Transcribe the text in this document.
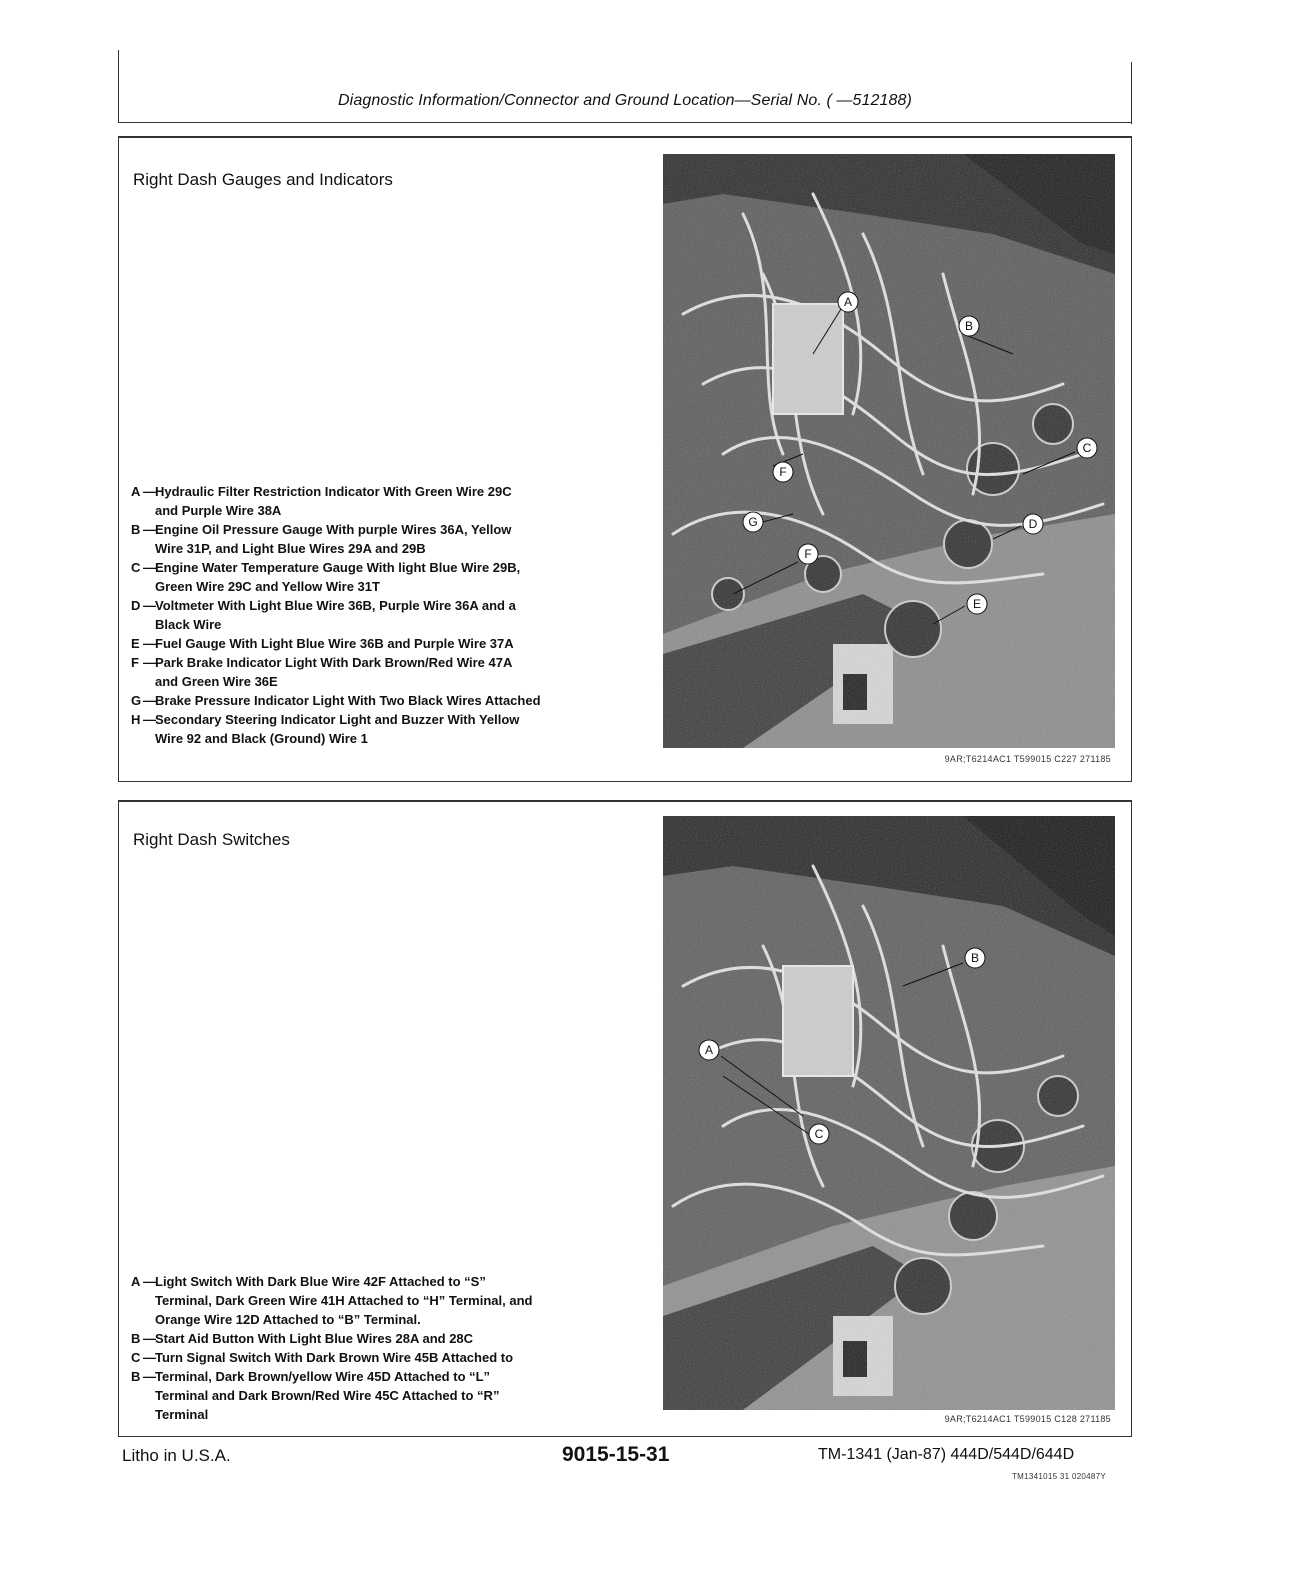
Diagnostic Information/Connector and Ground Location—Serial No. ( —512188)
Right Dash Gauges and Indicators
A —Hydraulic Filter Restriction Indicator With Green Wire 29C
and Purple Wire 38A
B —Engine Oil Pressure Gauge With purple Wires 36A, Yellow
Wire 31P, and Light Blue Wires 29A and 29B
C —Engine Water Temperature Gauge With light Blue Wire 29B,
Green Wire 29C and Yellow Wire 31T
D —Voltmeter With Light Blue Wire 36B, Purple Wire 36A and a
Black Wire
E —Fuel Gauge With Light Blue Wire 36B and Purple Wire 37A
F —Park Brake Indicator Light With Dark Brown/Red Wire 47A
and Green Wire 36E
G —Brake Pressure Indicator Light With Two Black Wires Attached
H —Secondary Steering Indicator Light and Buzzer With Yellow
Wire 92 and Black (Ground) Wire 1
A
B
C
D
E
F
G
F
9AR;T6214AC1 T599015 C227 271185
Right Dash Switches
A —Light Switch With Dark Blue Wire 42F Attached to “S”
Terminal, Dark Green Wire 41H Attached to “H” Terminal, and
Orange Wire 12D Attached to “B” Terminal.
B —Start Aid Button With Light Blue Wires 28A and 28C
C —Turn Signal Switch With Dark Brown Wire 45B Attached to
B —Terminal, Dark Brown/yellow Wire 45D Attached to “L”
Terminal and Dark Brown/Red Wire 45C Attached to “R”
Terminal
B
A
C
9AR;T6214AC1 T599015 C128 271185
Litho in U.S.A.	9015-15-31	TM-1341 (Jan-87) 444D/544D/644D
TM1341015 31 020487Y
